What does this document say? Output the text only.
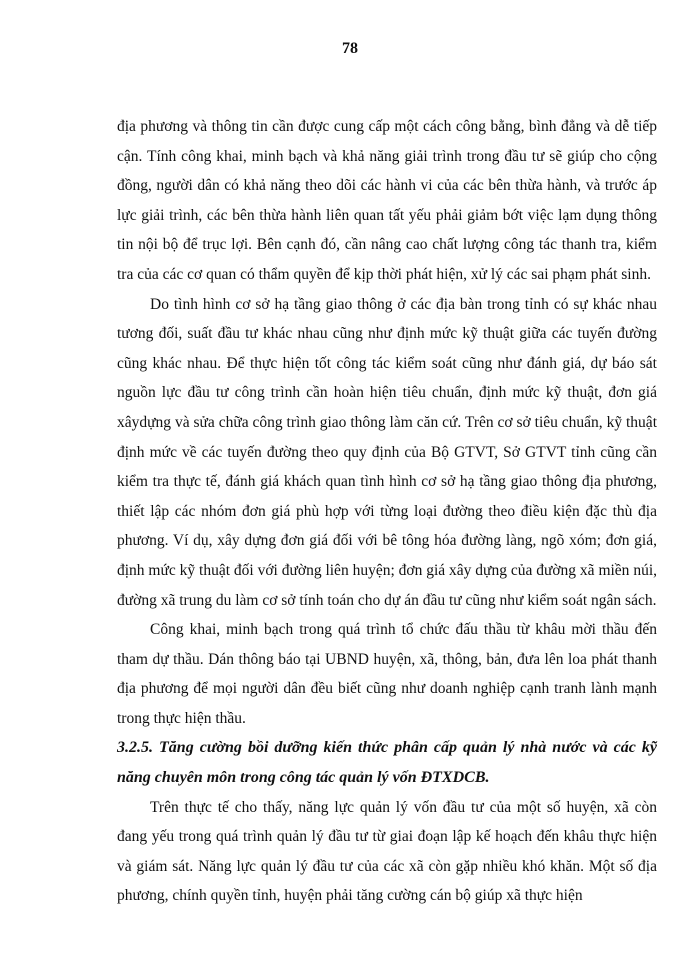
78

địa phương và thông tin cần được cung cấp một cách công bằng, bình đẳng và dễ tiếp cận. Tính công khai, minh bạch và khả năng giải trình trong đầu tư sẽ giúp cho cộng đồng, người dân có khả năng theo dõi các hành vi của các bên thừa hành, và trước áp lực giải trình, các bên thừa hành liên quan tất yếu phải giảm bớt việc lạm dụng thông tin nội bộ để trục lợi. Bên cạnh đó, cần nâng cao chất lượng công tác thanh tra, kiểm tra của các cơ quan có thẩm quyền để kịp thời phát hiện, xử lý các sai phạm phát sinh.

Do tình hình cơ sở hạ tầng giao thông ở các địa bàn trong tỉnh có sự khác nhau tương đối, suất đầu tư khác nhau cũng như định mức kỹ thuật giữa các tuyến đường cũng khác nhau. Để thực hiện tốt công tác kiểm soát cũng như đánh giá, dự báo sát nguồn lực đầu tư công trình cần hoàn hiện tiêu chuẩn, định mức kỹ thuật, đơn giá xâydựng và sửa chữa công trình giao thông làm căn cứ. Trên cơ sở tiêu chuẩn, kỹ thuật định mức về các tuyến đường theo quy định của Bộ GTVT, Sở GTVT tỉnh cũng cần kiểm tra thực tế, đánh giá khách quan tình hình cơ sở hạ tầng giao thông địa phương, thiết lập các nhóm đơn giá phù hợp với từng loại đường theo điều kiện đặc thù địa phương. Ví dụ, xây dựng đơn giá đối với bê tông hóa đường làng, ngõ xóm; đơn giá, định mức kỹ thuật đối với đường liên huyện; đơn giá xây dựng của đường xã miền núi, đường xã trung du làm cơ sở tính toán cho dự án đầu tư cũng như kiểm soát ngân sách.

Công khai, minh bạch trong quá trình tổ chức đấu thầu từ khâu mời thầu đến tham dự thầu. Dán thông báo tại UBND huyện, xã, thông, bản, đưa lên loa phát thanh địa phương để mọi người dân đều biết cũng như doanh nghiệp cạnh tranh lành mạnh trong thực hiện thầu.

3.2.5. Tăng cường bồi dưỡng kiến thức phân cấp quản lý nhà nước và các kỹ năng chuyên môn trong công tác quản lý vốn ĐTXDCB.

Trên thực tế cho thấy, năng lực quản lý vốn đầu tư của một số huyện, xã còn đang yếu trong quá trình quản lý đầu tư từ giai đoạn lập kế hoạch đến khâu thực hiện và giám sát. Năng lực quản lý đầu tư của các xã còn gặp nhiều khó khăn. Một số địa phương, chính quyền tỉnh, huyện phải tăng cường cán bộ giúp xã thực hiện
